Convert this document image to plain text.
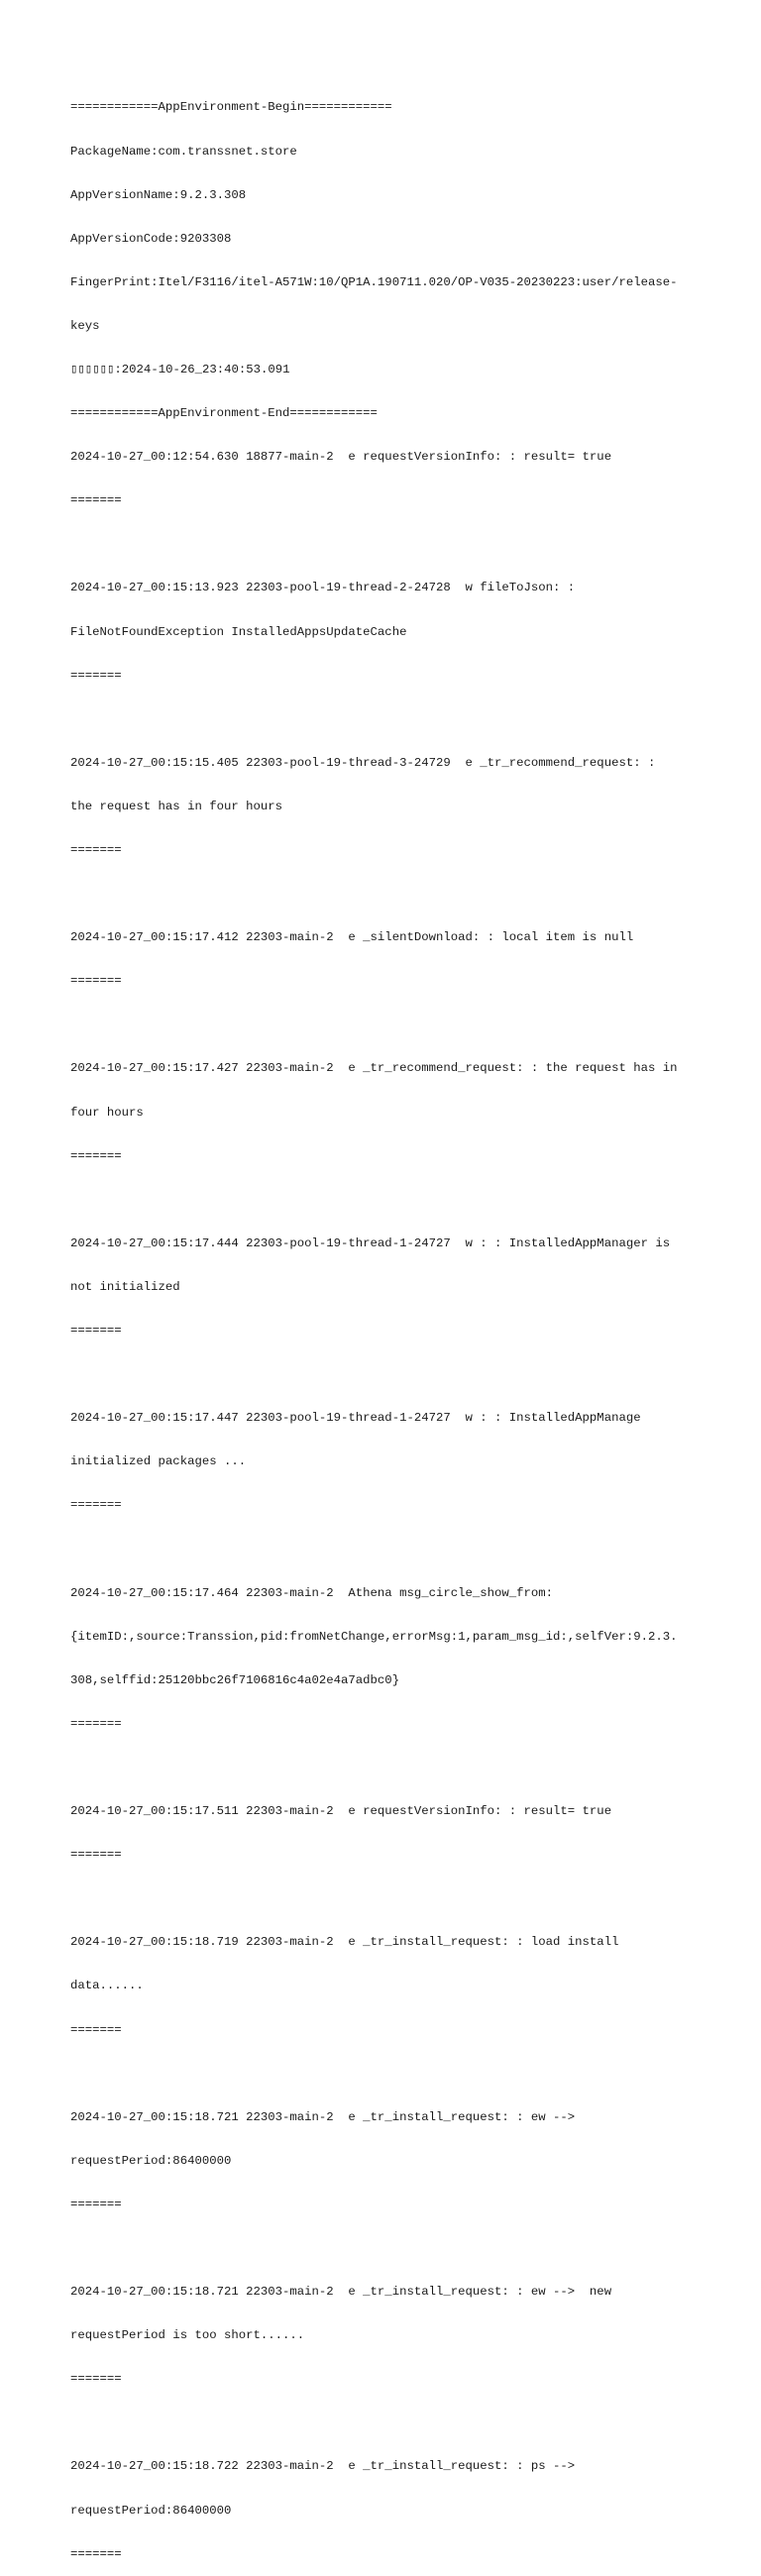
============AppEnvironment-Begin============

PackageName:com.transsnet.store

AppVersionName:9.2.3.308

AppVersionCode:9203308

FingerPrint:Itel/F3116/itel-A571W:10/QP1A.190711.020/OP-V035-20230223:user/release-

keys

▯▯▯▯▯▯:2024-10-26_23:40:53.091

============AppEnvironment-End============

2024-10-27_00:12:54.630 18877-main-2  e requestVersionInfo: : result= true

=======

2024-10-27_00:15:13.923 22303-pool-19-thread-2-24728  w fileToJson: :

FileNotFoundException InstalledAppsUpdateCache

=======

2024-10-27_00:15:15.405 22303-pool-19-thread-3-24729  e _tr_recommend_request: :

the request has in four hours

=======

2024-10-27_00:15:17.412 22303-main-2  e _silentDownload: : local item is null

=======

2024-10-27_00:15:17.427 22303-main-2  e _tr_recommend_request: : the request has in

four hours

=======

2024-10-27_00:15:17.444 22303-pool-19-thread-1-24727  w : : InstalledAppManager is

not initialized

=======

2024-10-27_00:15:17.447 22303-pool-19-thread-1-24727  w : : InstalledAppManage

initialized packages ...

=======

2024-10-27_00:15:17.464 22303-main-2  Athena msg_circle_show_from:

{itemID:,source:Transsion,pid:fromNetChange,errorMsg:1,param_msg_id:,selfVer:9.2.3.

308,selffid:25120bbc26f7106816c4a02e4a7adbc0}

=======

2024-10-27_00:15:17.511 22303-main-2  e requestVersionInfo: : result= true

=======

2024-10-27_00:15:18.719 22303-main-2  e _tr_install_request: : load install

data......

=======

2024-10-27_00:15:18.721 22303-main-2  e _tr_install_request: : ew -->

requestPeriod:86400000

=======

2024-10-27_00:15:18.721 22303-main-2  e _tr_install_request: : ew -->  new

requestPeriod is too short......

=======

2024-10-27_00:15:18.722 22303-main-2  e _tr_install_request: : ps -->

requestPeriod:86400000

=======
